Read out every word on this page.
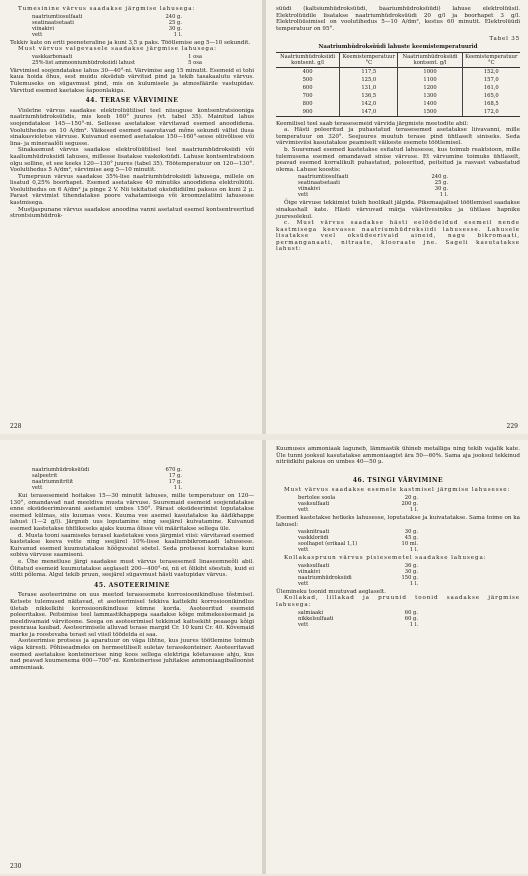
Tumesinine värvus saadakse järgmise lahusega:

naatriumtiosulfaati	240 g.
seatinaatsetaati	25 g.
viinakivi	30 g.
vett	1 l.

Tekkiv kate on eriti peeneteraline ja kuni 3,5 μ paks. Töötlemise aeg 5—10 sekundit.

Must värvus valgevasele saadakse järgmise lahusega:

vaskkarbonaati	1 osa
25%-list ammooniumhüdroksiidi lahust	5 osa

Värvimisel soojendatakse lahus 30—40°-ni. Värvimise aeg 15 minutit. Esemeid ei tohi kaua hoida õhus, sest muidu oksüdub värvitud pind ja tekib tasakaalutu värvus. Tulemuseks on sügavmust pind, mis on kulumisele ja atmosfäärile vastupidav. Värvitud esemed kaetakse šapoonlakiga.

44. TERASE VÄRVIMINE

Violetne värvus saadakse elektrolüütilisel teel niisuguse kontsentratsiooniga naatriumhüdroksüüdis, mis keeb 160° juures (vt. tabel 35). Mainitud lahus soojendatakse 145—150°-ni. Sellesse asetatakse värvitavad esemed anoodidena. Voolutihedus on 10 A/dm². Väikesed esemed saavutavad mõne sekundi vältel ilusa sinakasvioletse värvuse. Kuivanud esemed asetatakse 150—160°-sesse oliivõlisse või lina- ja mineraalõli segusse.

Sinakasmust värvus saadakse elektrolüütilisel teel naatriumhüdroksiidi või kaaliumhüdroksiidi lahuses, millesse lisatakse vaskoksüüdi. Lahuse kontsentratsioon olgu selline, et see keeks 120—130° juures (tabel 35). Töötemperatuur on 120—130°. Voolutihedus 5 A/dm², värvimise aeg 5—10 minutit.

Tumepruun värvus saadakse 35%-lise naatriumhüdroksiidi lahusega, millele on lisatud 0,25% boorhapet. Esemed asetatakse 40 minutiks anoodidena elektrolüüti. Voolutihedus on 6 A/dm² ja pinge 2 V. Nii tekitatud oksüdiidiilmi paksus on kuni 2 μ. Parast värvimist tihendatakse poore vahatamisega või kroomzelatiini lahusesse kastmisega.

Mustjaspunane värvus saadakse anoodina vanni asetatud esemel kontsentreeritud strontsiumhüdrok-

228

süüdi (kaltsiumhüdroksüüdi, baariumhüdroksüüdi) lahuse elektrolüüsil. Elektrolüüdile lisatakse naatriumhüdroksüüdi 20 g/l ja boorhapet 3 g/l. Elektrolüüsimisel on voolutihedus 5—10 A/dm², kestus 60 minutit. Elektrolüüdi temperatuur on 95°.

Tabel 35
Naatriumhüdroksüüdi lahuste keemistemperatuurid
Naatriumhüdroksiidi kontsent. g/l	Keemistemperatuur °C	Naatriumhüdroksiidi kontsent. g/l	Keemistemperatuur °C
400	117,5	1000	152,0
500	125,0	1100	157,0
600	131,0	1200	161,0
700	136,5	1300	165,0
800	142,0	1400	168,5
900	147,0	1500	172,0

Keemilisel teel saab terasesemeid värvida järgmiste meetodite abil:

a. Hästi poleeritud ja puhastatud terasesemed asetatakse liivavanni, mille temperatuur on 320°. Seejuures muutub terase pind ühtlaselt siniseks. Seda värvimisviisi kasutatakse peamiselt väikeste esemete töötlemisel.

b. Suuremad esemed kastetakse esitatud lahusesse, kus toimub reaktsioon, mille tulemusena esemed omandavad sinise värvuse. Et värvumine toimuks ühtlaselt, peavad esemed korralikult puhastatud, poleeritud, peitsitud ja rasvast vabastatud olema. Lahuse koostis:

naatriumtiosulfaati	240 g.
seatinaatsetaati	25 g.
viinakivi	30 g.
vett	1 l.

Õige värvuse tekkimist tuleb hoolikalt jälgida. Pikemaajalisel töötlemisel saadakse sinakashall kate. Hästi värvuvad märja väävlivesiniku ja ühtlase hapniku juuresolekul.

c. Must värvus saadakse hästi eelöödeldud esemeil nende kastmisega keevasse naatriumhüdroksiidi lahusesse. Lahusele lisatakse veel oksüdeerivaid aineid, nagu bikromaati, permanganaati, nitraate, klooraate jne. Sageli kasutatakse lahust:

229
naatriumhüdroksüüdi	670 g.
salpeetrit	17 g.
naatriumnitritit	17 g.
vett	1 l.

Kui terasesemeid hoitakse 15—30 minutit lahuses, mille temperatuur on 120—130°, omandavad nad meeldiva musta värvuse. Suuremaid esemeid soojendatakse enne oksüdeerimisvanni asetamist umbes 150°. Pärast oksüdeerimist loputatakse esemed külmas, siis kuumas vees. Kuuma vee asemel kasutatakse ka äädikhappe lahust (1—2 g/l). Järgneb uus loputamine ning seejärel kuivatamine. Kuivanud esemed kastetakse ühtlikeseks ajaks kuuma õlisse või määritakse sellega üle.

d. Musta tooni saamiseks terasel kastetakse vees järgmist viisi: värvitavad esemed kastetakse keeva vette ning seejärel 10%-lisse kaaliumbikromaadi lahusesse. Kuivanud esemed kuumutatakse hõõguvatel söetel. Seda protsessi korratakse kuni sobiva värvuse saamiseni.

e. Ühe menetluse järgi saadakse must värvus terasesemeil linaseemneõli abil. Õlitatud esemeid kuumutatakse aeglaselt 200—400°-ni, nii et õlikiht söestub, kuid ei sütti põlema. Algul tekib pruun, seejärel sügavmust hästi vastupidav värvus.

45. ASOTEERIMINE

Terase asoteerimine on uus meetod terasesemete korrosioonikindluse tõstmisel. Ketsete tulemused näitavad, et asoteerimisel tekkiva kattekihi korrosioonikindlus ületab nikkelkihi korrosioonikindluse kümne korda. Asoteeritud esemeid poleeritakse. Peitsimise teel lammastikhappega saadakse kõige mitmekesisemaid ja meeldivamaid värvitoone. Seega on asoteerimisel tekkinud kaitsekiht peaaegu kõigi peenraua kaubad. Asoteerimisele alluvad terase margid Cr. 10 kuni Cr. 40. Kõvemaid marke ja roostevaba terast sel viisil töödelda ei saa.

Asoteerimise protsess ja aparatuur on väga lihtne, kus juures töötlemine toimub väga kiiresti. Põhiseadmeks on hermeetiliselt suletav terasskonteiner. Asoteeritavad esemed asetatakse konteinerisse ning koos sellega elektriga köetavasse ahju, kus nad peavad kuumenema 600—700°-ni. Konteinerisse juhitakse ammoniaagiballoonist ammoniaak.

230

Kuumuses ammoniaak laguneb, lämmastik ühineb metalliga ning tekib vajalik kate. Üle tunni jooksul kasutatakse ammoniaagist ära 50—60%. Sama aja jooksul tekkinud nitriidkihi paksus on umbes 40—50 μ.

46. TSINGI VÄRVIMINE

Must värvus saadakse esemele kastmisel järgmise lahusesse:

bertolee soola	20 g.
vasksulfaati	200 g.
vett	1 l.

Esemed kastetakse hetkeks lahusesse, loputatakse ja kuivatatakse. Sama toime on ka lahusel:

vasknitraati	30 g.
vaskkloriidi	45 g.
soolhapet (erikaal 1,1)	10 ml.
vett	1 l.

Kollakaspruun värvus pisiesemetel saadakse lahusega:

vasksulfaati	36 g.
viinakivi	30 g.
naatriumhüdroksiidi	150 g.
vett	1 l.

Ülemineku toonid muutuvad aeglaselt.

Kollakad, lillakad ja pruunid toonid saadakse järgmise lahusega:

salmiaaki	60 g.
nikkelsulfaati	60 g.
vett	1 l.
